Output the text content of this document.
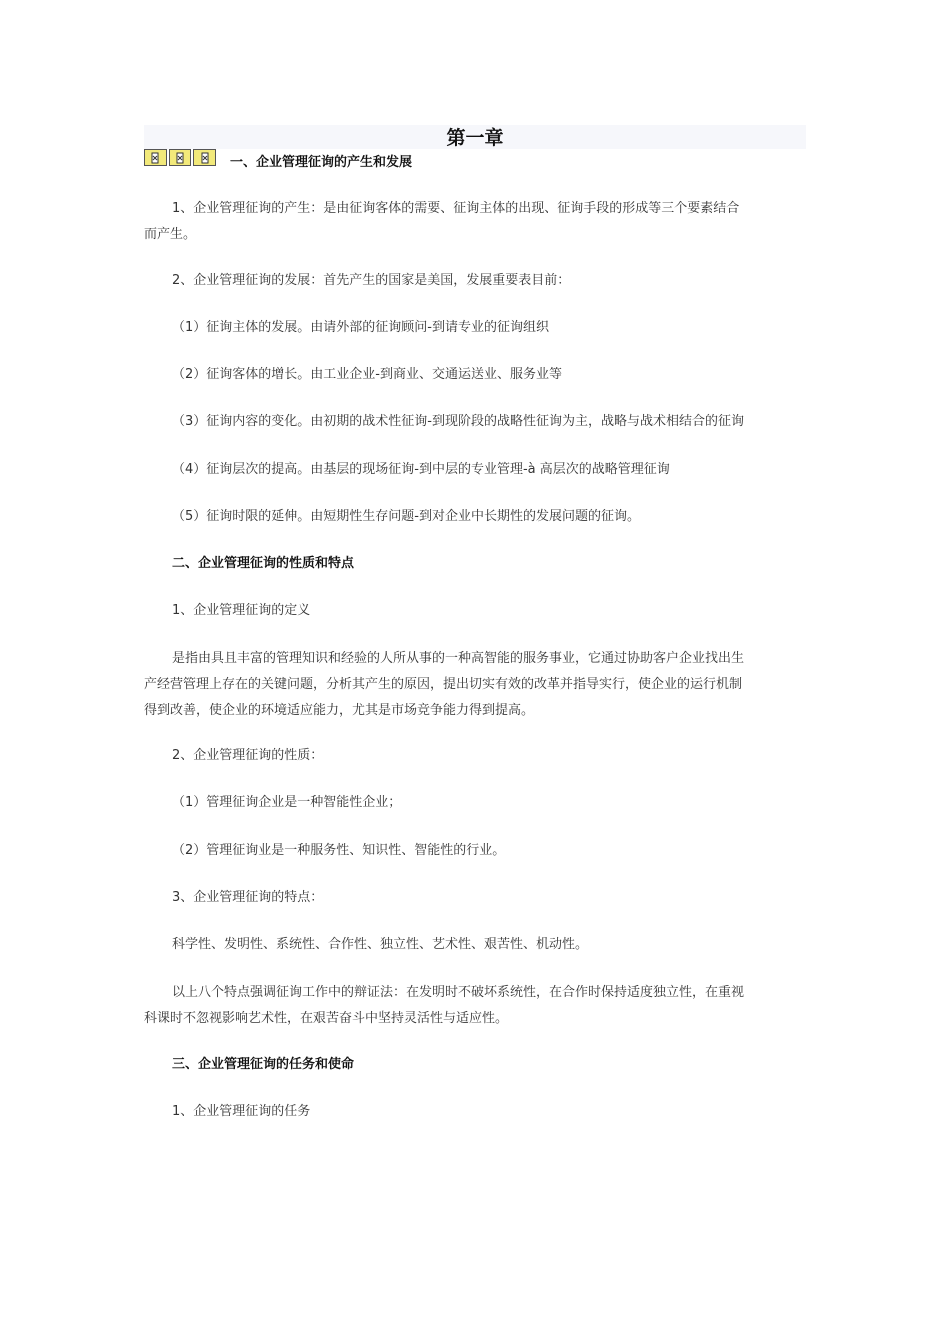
第一章
一、企业管理征询的产生和发展
1、企业管理征询的产生：是由征询客体的需要、征询主体的出现、征询手段的形成等三个要素结合
而产生。
2、企业管理征询的发展：首先产生的国家是美国，发展重要表目前：
（1）征询主体的发展。由请外部的征询顾问-到请专业的征询组织
（2）征询客体的增长。由工业企业-到商业、交通运送业、服务业等
（3）征询内容的变化。由初期的战术性征询-到现阶段的战略性征询为主，战略与战术相结合的征询
（4）征询层次的提高。由基层的现场征询-到中层的专业管理-à 高层次的战略管理征询
（5）征询时限的延伸。由短期性生存问题-到对企业中长期性的发展问题的征询。
二、企业管理征询的性质和特点
1、企业管理征询的定义
是指由具且丰富的管理知识和经验的人所从事的一种高智能的服务事业，它通过协助客户企业找出生
产经营管理上存在的关键问题，分析其产生的原因，提出切实有效的改革并指导实行，使企业的运行机制
得到改善，使企业的环境适应能力，尤其是市场竞争能力得到提高。
2、企业管理征询的性质：
（1）管理征询企业是一种智能性企业；
（2）管理征询业是一种服务性、知识性、智能性的行业。
3、企业管理征询的特点：
科学性、发明性、系统性、合作性、独立性、艺术性、艰苦性、机动性。
以上八个特点强调征询工作中的辩证法：在发明时不破坏系统性，在合作时保持适度独立性，在重视
科课时不忽视影响艺术性，在艰苦奋斗中坚持灵活性与适应性。
三、企业管理征询的任务和使命
1、企业管理征询的任务
